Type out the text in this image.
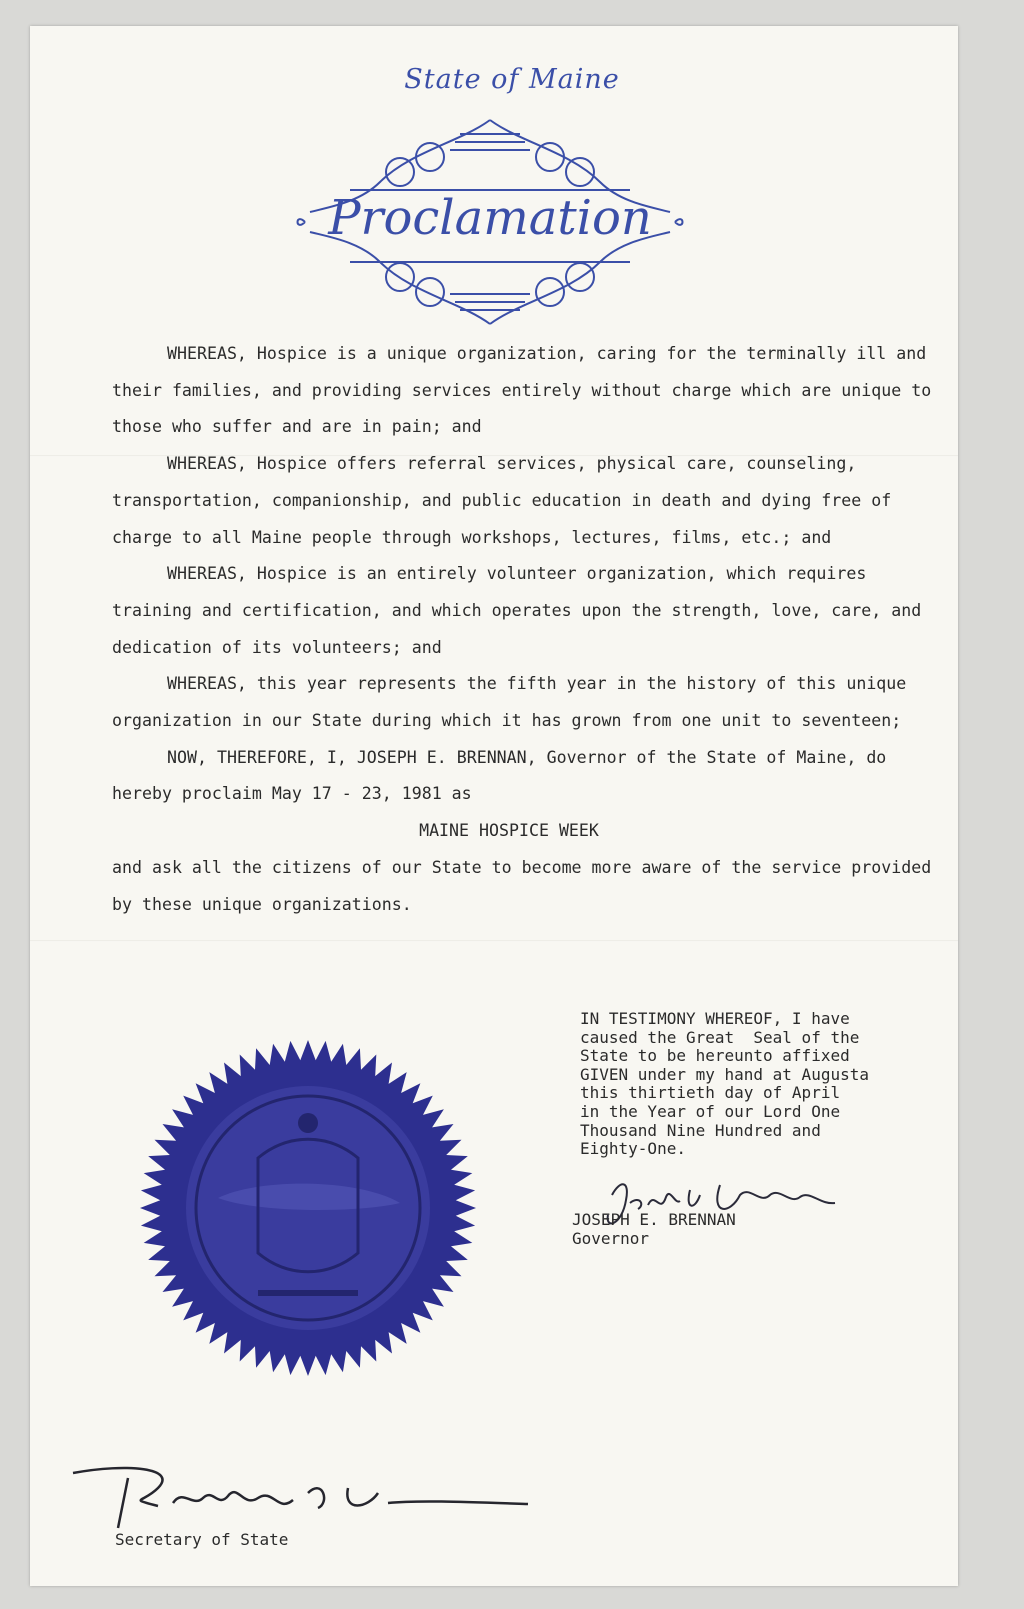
State of Maine
Proclamation

WHEREAS, Hospice is a unique organization, caring for the terminally ill and their families, and providing services entirely without charge which are unique to those who suffer and are in pain; and

WHEREAS, Hospice offers referral services, physical care, counseling, transportation, companionship, and public education in death and dying free of charge to all Maine people through workshops, lectures, films, etc.; and

WHEREAS, Hospice is an entirely volunteer organization, which requires training and certification, and which operates upon the strength, love, care, and dedication of its volunteers; and

WHEREAS, this year represents the fifth year in the history of this unique organization in our State during which it has grown from one unit to seventeen;

NOW, THEREFORE, I, JOSEPH E. BRENNAN, Governor of the State of Maine, do hereby proclaim May 17 - 23, 1981 as

MAINE HOSPICE WEEK

and ask all the citizens of our State to become more aware of the service provided by these unique organizations.

IN TESTIMONY WHEREOF, I have
caused the Great  Seal of the
State to be hereunto affixed
GIVEN under my hand at Augusta
this thirtieth day of April
in the Year of our Lord One
Thousand Nine Hundred and
Eighty-One.
JOSEPH E. BRENNAN
Governor
Secretary of State
